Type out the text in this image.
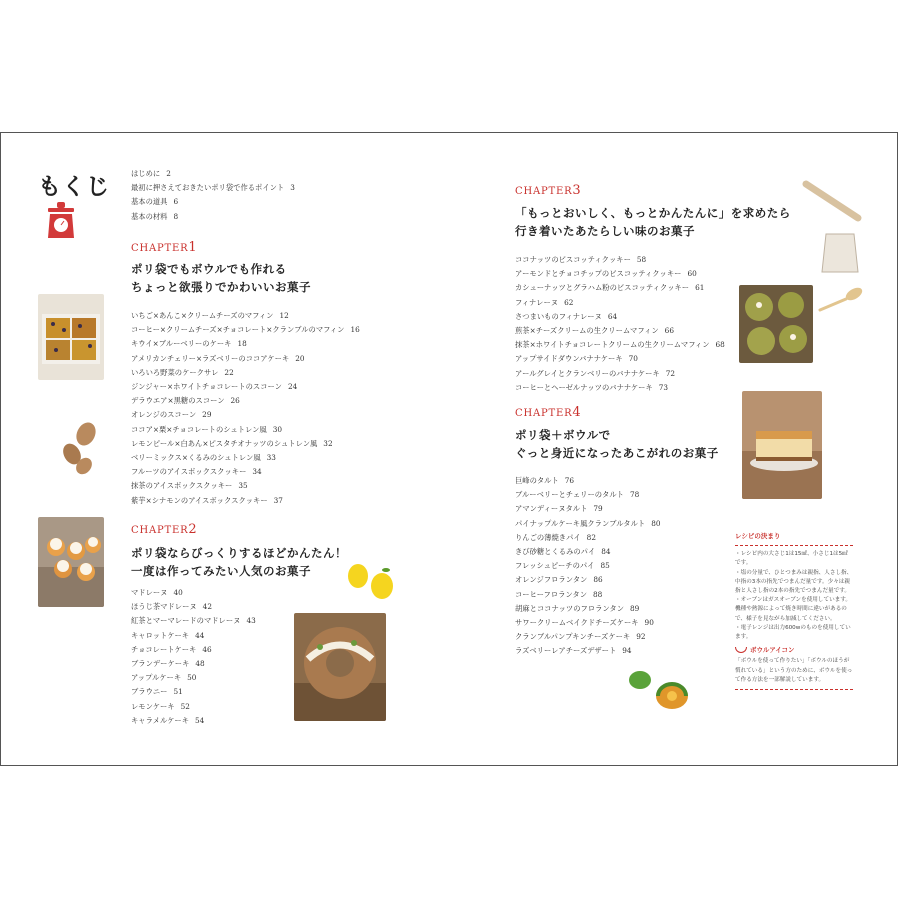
もくじ
はじめに 2
最初に押さえておきたいポリ袋で作るポイント 3
基本の道具 6
基本の材料 8
CHAPTER1
ポリ袋でもボウルでも作れる
ちょっと欲張りでかわいいお菓子
いちご×あんこ×クリームチーズのマフィン 12
コーヒー×クリームチーズ×チョコレート×クランブルのマフィン 16
キウイ×ブルーベリーのケーキ 18
アメリカンチェリー×ラズベリーのココアケーキ 20
いろいろ野菜のケークサレ 22
ジンジャー×ホワイトチョコレートのスコーン 24
デラウエア×黒糖のスコーン 26
オレンジのスコーン 29
ココア×栗×チョコレートのシュトレン風 30
レモンピール×白あん×ピスタチオナッツのシュトレン風 32
ベリーミックス×くるみのシュトレン風 33
フルーツのアイスボックスクッキー 34
抹茶のアイスボックスクッキー 35
紫芋×シナモンのアイスボックスクッキー 37
CHAPTER2
ポリ袋ならびっくりするほどかんたん！
一度は作ってみたい人気のお菓子
マドレーヌ 40
ほうじ茶マドレーヌ 42
紅茶とマーマレードのマドレーヌ 43
キャロットケーキ 44
チョコレートケーキ 46
ブランデーケーキ 48
アップルケーキ 50
ブラウニー 51
レモンケーキ 52
キャラメルケーキ 54
CHAPTER3
「もっとおいしく、もっとかんたんに」を求めたら
行き着いたあたらしい味のお菓子
ココナッツのビスコッティクッキー 58
アーモンドとチョコチップのビスコッティクッキー 60
カシューナッツとグラハム粉のビスコッティクッキー 61
フィナレーヌ 62
さつまいものフィナレーヌ 64
煎茶×チーズクリームの生クリームマフィン 66
抹茶×ホワイトチョコレートクリームの生クリームマフィン 68
アップサイドダウンバナナケーキ 70
アールグレイとクランベリーのバナナケーキ 72
コーヒーとヘーゼルナッツのバナナケーキ 73
CHAPTER4
ポリ袋＋ボウルで
ぐっと身近になったあこがれのお菓子
巨峰のタルト 76
ブルーベリーとチェリーのタルト 78
アマンディーヌタルト 79
パイナップルケーキ風クランブルタルト 80
りんごの薄焼きパイ 82
きび砂糖とくるみのパイ 84
フレッシュピーチのパイ 85
オレンジフロランタン 86
コーヒーフロランタン 88
胡麻とココナッツのフロランタン 89
サワークリームベイクドチーズケーキ 90
クランブルパンプキンチーズケーキ 92
ラズベリーレアチーズデザート 94
レシピの決まり
・レシピ内の大さじ1は15㎖、小さじ1は5㎖です。
・塩の分量で、ひとつまみは親指、人さし指、中指の3本の指先でつまんだ量です。少々は親指と人さし指の2本の指先でつまんだ量です。
・オーブンはガスオーブンを使用しています。機種や熱源によって焼き時間に違いがあるので、様子を見ながら加減してください。
・電子レンジは出力600wのものを使用しています。
ボウルアイコン
「ボウルを使って作りたい」「ボウルのほうが慣れている」という方のために、ボウルを使って作る方法を一部解説しています。
